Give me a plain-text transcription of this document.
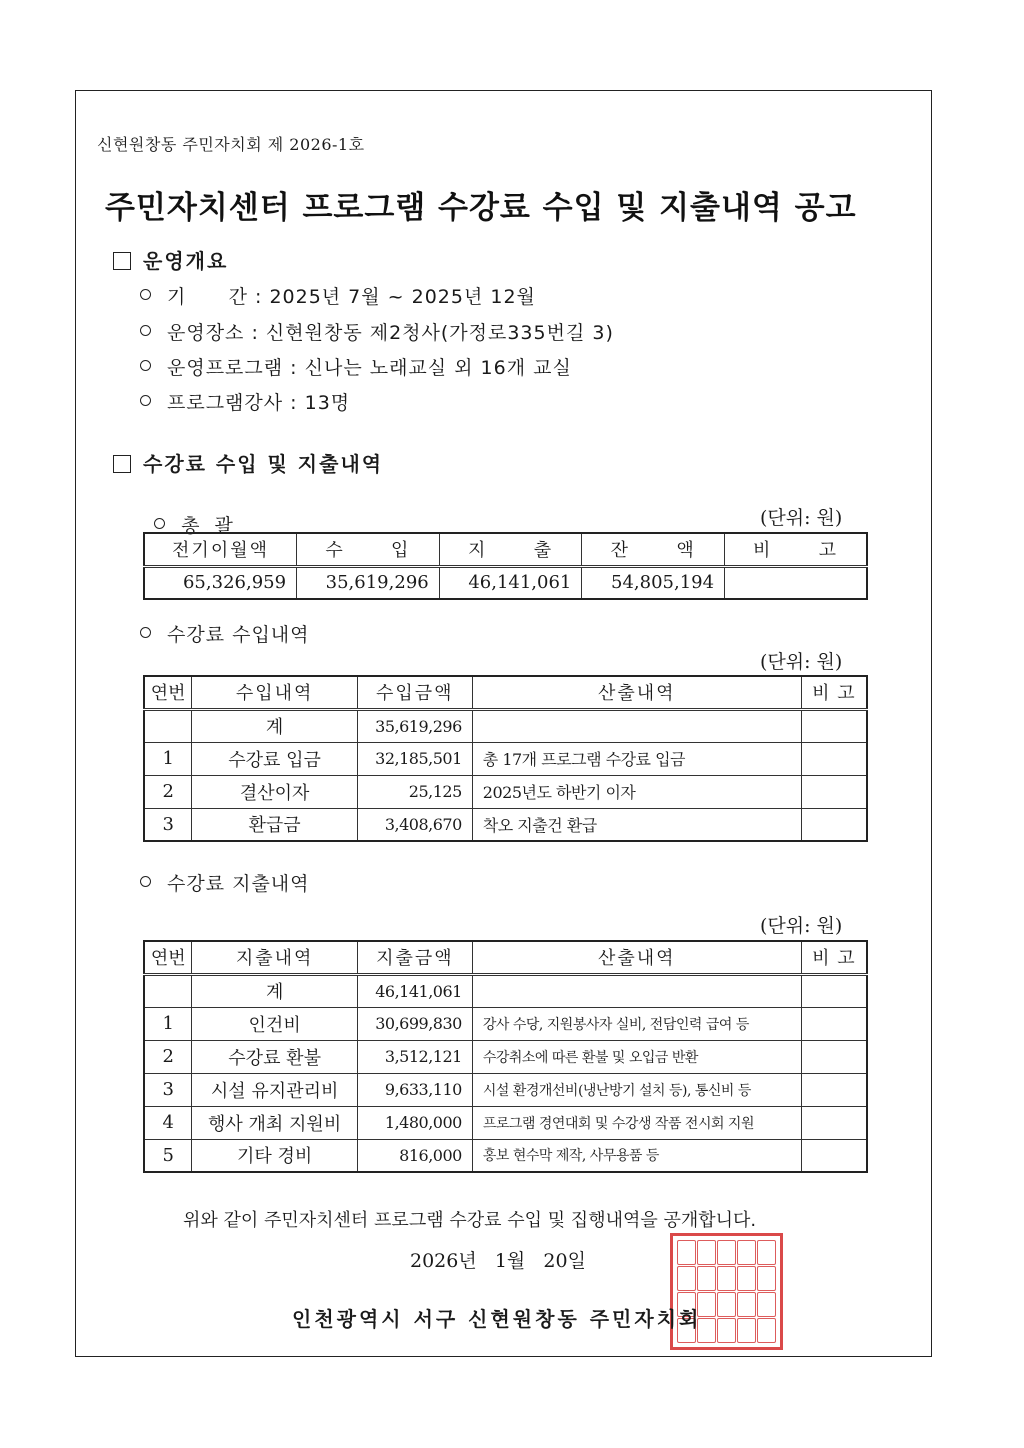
신현원창동 주민자치회 제 2026-1호
주민자치센터 프로그램 수강료 수입 및 지출내역 공고
운영개요
기      간 : 2025년 7월 ~ 2025년 12월
운영장소 : 신현원창동 제2청사(가정로335번길 3)
운영프로그램 : 신나는 노래교실 외 16개 교실
프로그램강사 : 13명
수강료 수입 및 지출내역

총  괄	(단위: 원)
전기이월액	수      입	지      출	잔      액	비      고
65,326,959	35,619,296	46,141,061	54,805,194	
수강료 수입내역
(단위: 원)
연번	수입내역	수입금액	산출내역	비 고
	계	35,619,296		
1	수강료 입금	32,185,501	총 17개 프로그램 수강료 입금	
2	결산이자	25,125	2025년도 하반기 이자	
3	환급금	3,408,670	착오 지출건 환급	
수강료 지출내역
(단위: 원)
연번	지출내역	지출금액	산출내역	비 고
	계	46,141,061		
1	인건비	30,699,830	강사 수당, 지원봉사자 실비, 전담인력 급여 등	
2	수강료 환불	3,512,121	수강취소에 따른 환불 및 오입금 반환	
3	시설 유지관리비	9,633,110	시설 환경개선비(냉난방기 설치 등), 통신비 등	
4	행사 개최 지원비	1,480,000	프로그램 경연대회 및 수강생 작품 전시회 지원	
5	기타 경비	816,000	홍보 현수막 제작, 사무용품 등	
위와 같이 주민자치센터 프로그램 수강료 수입 및 집행내역을 공개합니다.
2026년   1월   20일
인천광역시 서구 신현원창동 주민자치회
